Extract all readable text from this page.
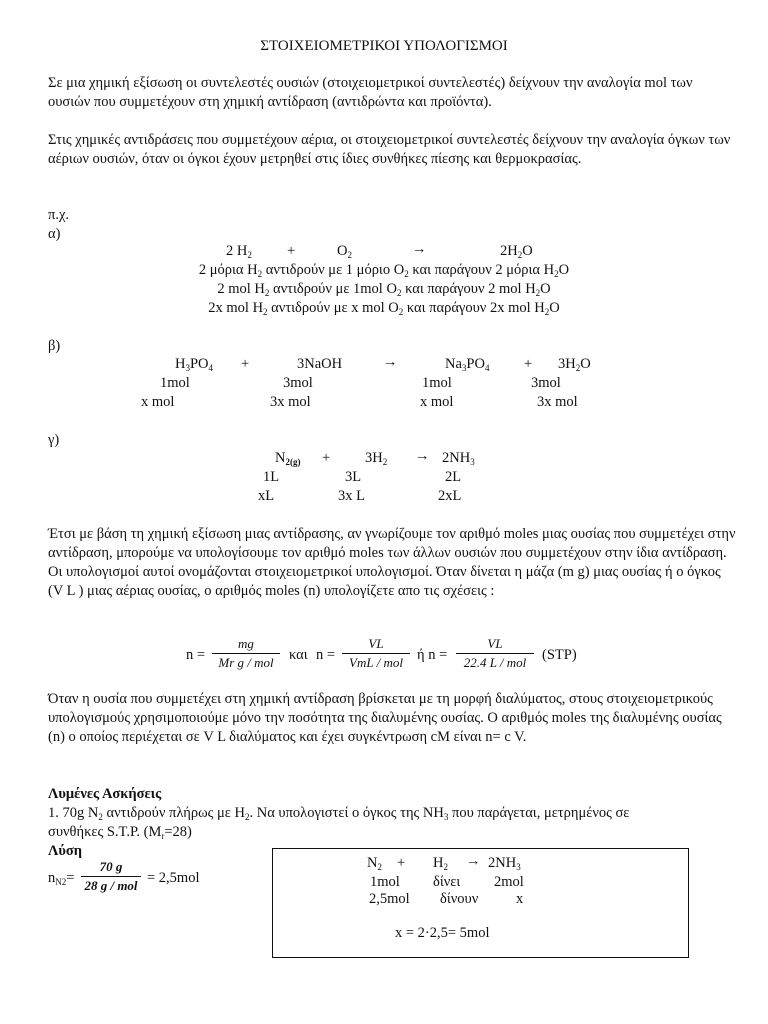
ΣΤΟΙΧΕΙΟΜΕΤΡΙΚΟΙ ΥΠΟΛΟΓΙΣΜΟΙ
Σε μια χημική εξίσωση οι συντελεστές ουσιών (στοιχειομετρικοί συντελεστές) δείχνουν την αναλογία mol των ουσιών που συμμετέχουν στη χημική αντίδραση (αντιδρώντα και προϊόντα).
Στις χημικές αντιδράσεις που συμμετέχουν αέρια, οι στοιχειομετρικοί συντελεστές δείχνουν την αναλογία όγκων των αέριων ουσιών, όταν οι όγκοι έχουν μετρηθεί στις ίδιες συνθήκες πίεσης και θερμοκρασίας.
π.χ.
α)
2 $H_2$ +	$O_2$	→	$2H_2O$
2 μόρια $H_2$ αντιδρούν με 1 μόριο $O_2$ και παράγουν 2 μόρια $H_2O$
2 mol $H_2$ αντιδρούν με 1mol $O_2$ και παράγουν 2 mol $H_2O$
2x mol $H_2$ αντιδρούν με x mol $O_2$ και παράγουν 2x mol $H_2O$
β)
$H_3PO_4$ +	3NaOH	→	$Na_3PO_4 + 3H_2O$
1mol	3mol	1mol	3mol
x mol	3x mol	x mol	3x mol
γ)
$N_{2(g)} + 3H_2 \to 2NH_3$
1L	3L	2L
xL	3x L	2xL
Έτσι με βάση τη χημική εξίσωση μιας αντίδρασης, αν γνωρίζουμε τον αριθμό moles μιας ουσίας που συμμετέχει στην αντίδραση, μπορούμε να υπολογίσουμε τον αριθμό moles των άλλων ουσιών που συμμετέχουν στην ίδια αντίδραση. Οι υπολογισμοί αυτοί ονομάζονται στοιχειομετρικοί υπολογισμοί. Όταν δίνεται η μάζα (m g) μιας ουσίας ή ο όγκος (V L ) μιας αέριας ουσίας, ο αριθμός moles (n) υπολογίζετε απο τις σχέσεις :
n =
mg
Mr g / mol	και n =
VL
VmL / mol ή n =
VL
22.4 L / mol	(STP)
Όταν η ουσία που συμμετέχει στη χημική αντίδραση βρίσκεται με τη μορφή διαλύματος, στους στοιχειομετρικούς υπολογισμούς χρησιμοποιούμε μόνο την ποσότητα της διαλυμένης ουσίας. Ο αριθμός moles της διαλυμένης ουσίας (n) ο οποίος περιέχεται σε V L διαλύματος και έχει συγκέντρωση cM είναι n= c V.
Λυμένες Ασκήσεις
1. 70g $N_2$ αντιδρούν πλήρως με $H_2$. Να υπολογιστεί ο όγκος της $NH_3$ που παράγεται, μετρημένος σε
συνθήκες S.T.P. $(M_r=28)$
Λύση
$n_{N2}=$
70 g
28 g / mol = 2,5mol
$N_2 + H_2 \to 2NH_3$
1mol δίνει 2mol
2,5mol δίνουν	x
x = 2·2,5= 5mol
